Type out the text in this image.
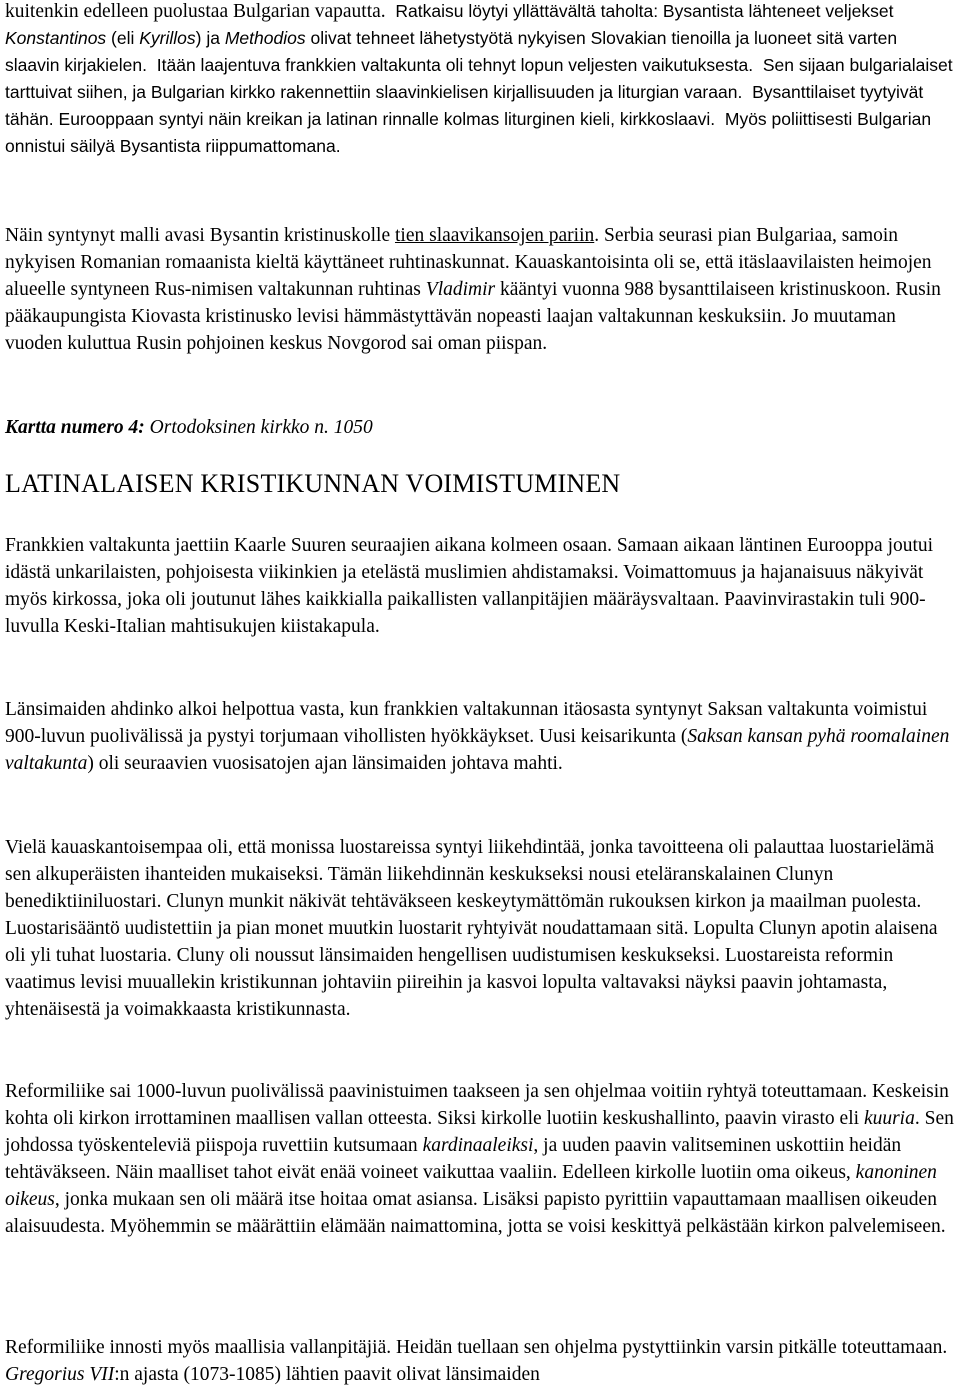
kuitenkin edelleen puolustaa Bulgarian vapautta. Ratkaisu löytyi yllättävältä taholta: Bysantista lähteneet veljekset Konstantinos (eli Kyrillos) ja Methodios olivat tehneet lähetystyötä nykyisen Slovakian tienoilla ja luoneet sitä varten slaavin kirjakielen. Itään laajentuva frankkien valtakunta oli tehnyt lopun veljesten vaikutuksesta. Sen sijaan bulgarialaiset tarttuivat siihen, ja Bulgarian kirkko rakennettiin slaavinkielisen kirjallisuuden ja liturgian varaan. Bysanttilaiset tyytyivät tähän. Eurooppaan syntyi näin kreikan ja latinan rinnalle kolmas liturginen kieli, kirkkoslaavi. Myös poliittisesti Bulgarian onnistui säilyä Bysantista riippumattomana.

Näin syntynyt malli avasi Bysantin kristinuskolle tien slaavikansojen pariin. Serbia seurasi pian Bulgariaa, samoin nykyisen Romanian romaanista kieltä käyttäneet ruhtinaskunnat. Kauaskantoisinta oli se, että itäslaavilaisten heimojen alueelle syntyneen Rus-nimisen valtakunnan ruhtinas Vladimir kääntyi vuonna 988 bysanttilaiseen kristinuskoon. Rusin pääkaupungista Kiovasta kristinusko levisi hämmästyttävän nopeasti laajan valtakunnan keskuksiin. Jo muutaman vuoden kuluttua Rusin pohjoinen keskus Novgorod sai oman piispan.

Kartta numero 4: Ortodoksinen kirkko n. 1050

LATINALAISEN KRISTIKUNNAN VOIMISTUMINEN

Frankkien valtakunta jaettiin Kaarle Suuren seuraajien aikana kolmeen osaan. Samaan aikaan läntinen Eurooppa joutui idästä unkarilaisten, pohjoisesta viikinkien ja etelästä muslimien ahdistamaksi. Voimattomuus ja hajanaisuus näkyivät myös kirkossa, joka oli joutunut lähes kaikkialla paikallisten vallanpitäjien määräysvaltaan. Paavinvirastakin tuli 900-luvulla Keski-Italian mahtisukujen kiistakapula.

Länsimaiden ahdinko alkoi helpottua vasta, kun frankkien valtakunnan itäosasta syntynyt Saksan valtakunta voimistui 900-luvun puolivälissä ja pystyi torjumaan vihollisten hyökkäykset. Uusi keisarikunta (Saksan kansan pyhä roomalainen valtakunta) oli seuraavien vuosisatojen ajan länsimaiden johtava mahti.

Vielä kauaskantoisempaa oli, että monissa luostareissa syntyi liikehdintää, jonka tavoitteena oli palauttaa luostarielämä sen alkuperäisten ihanteiden mukaiseksi. Tämän liikehdinnän keskukseksi nousi eteläranskalainen Clunyn benediktiiniluostari. Clunyn munkit näkivät tehtäväkseen keskeytymättömän rukouksen kirkon ja maailman puolesta. Luostarisääntö uudistettiin ja pian monet muutkin luostarit ryhtyivät noudattamaan sitä. Lopulta Clunyn apotin alaisena oli yli tuhat luostaria. Cluny oli noussut länsimaiden hengellisen uudistumisen keskukseksi. Luostareista reformin vaatimus levisi muuallekin kristikunnan johtaviin piireihin ja kasvoi lopulta valtavaksi näyksi paavin johtamasta, yhtenäisestä ja voimakkaasta kristikunnasta.

Reformiliike sai 1000-luvun puolivälissä paavinistuimen taakseen ja sen ohjelmaa voitiin ryhtyä toteuttamaan. Keskeisin kohta oli kirkon irrottaminen maallisen vallan otteesta. Siksi kirkolle luotiin keskushallinto, paavin virasto eli kuuria. Sen johdossa työskenteleviä piispoja ruvettiin kutsumaan kardinaaleiksi, ja uuden paavin valitseminen uskottiin heidän tehtäväkseen. Näin maalliset tahot eivät enää voineet vaikuttaa vaaliin. Edelleen kirkolle luotiin oma oikeus, kanoninen oikeus, jonka mukaan sen oli määrä itse hoitaa omat asiansa. Lisäksi papisto pyrittiin vapauttamaan maallisen oikeuden alaisuudesta. Myöhemmin se määrättiin elämään naimattomina, jotta se voisi keskittyä pelkästään kirkon palvelemiseen.

Reformiliike innosti myös maallisia vallanpitäjiä. Heidän tuellaan sen ohjelma pystyttiinkin varsin pitkälle toteuttamaan. Gregorius VII:n ajasta (1073-1085) lähtien paavit olivat länsimaiden
